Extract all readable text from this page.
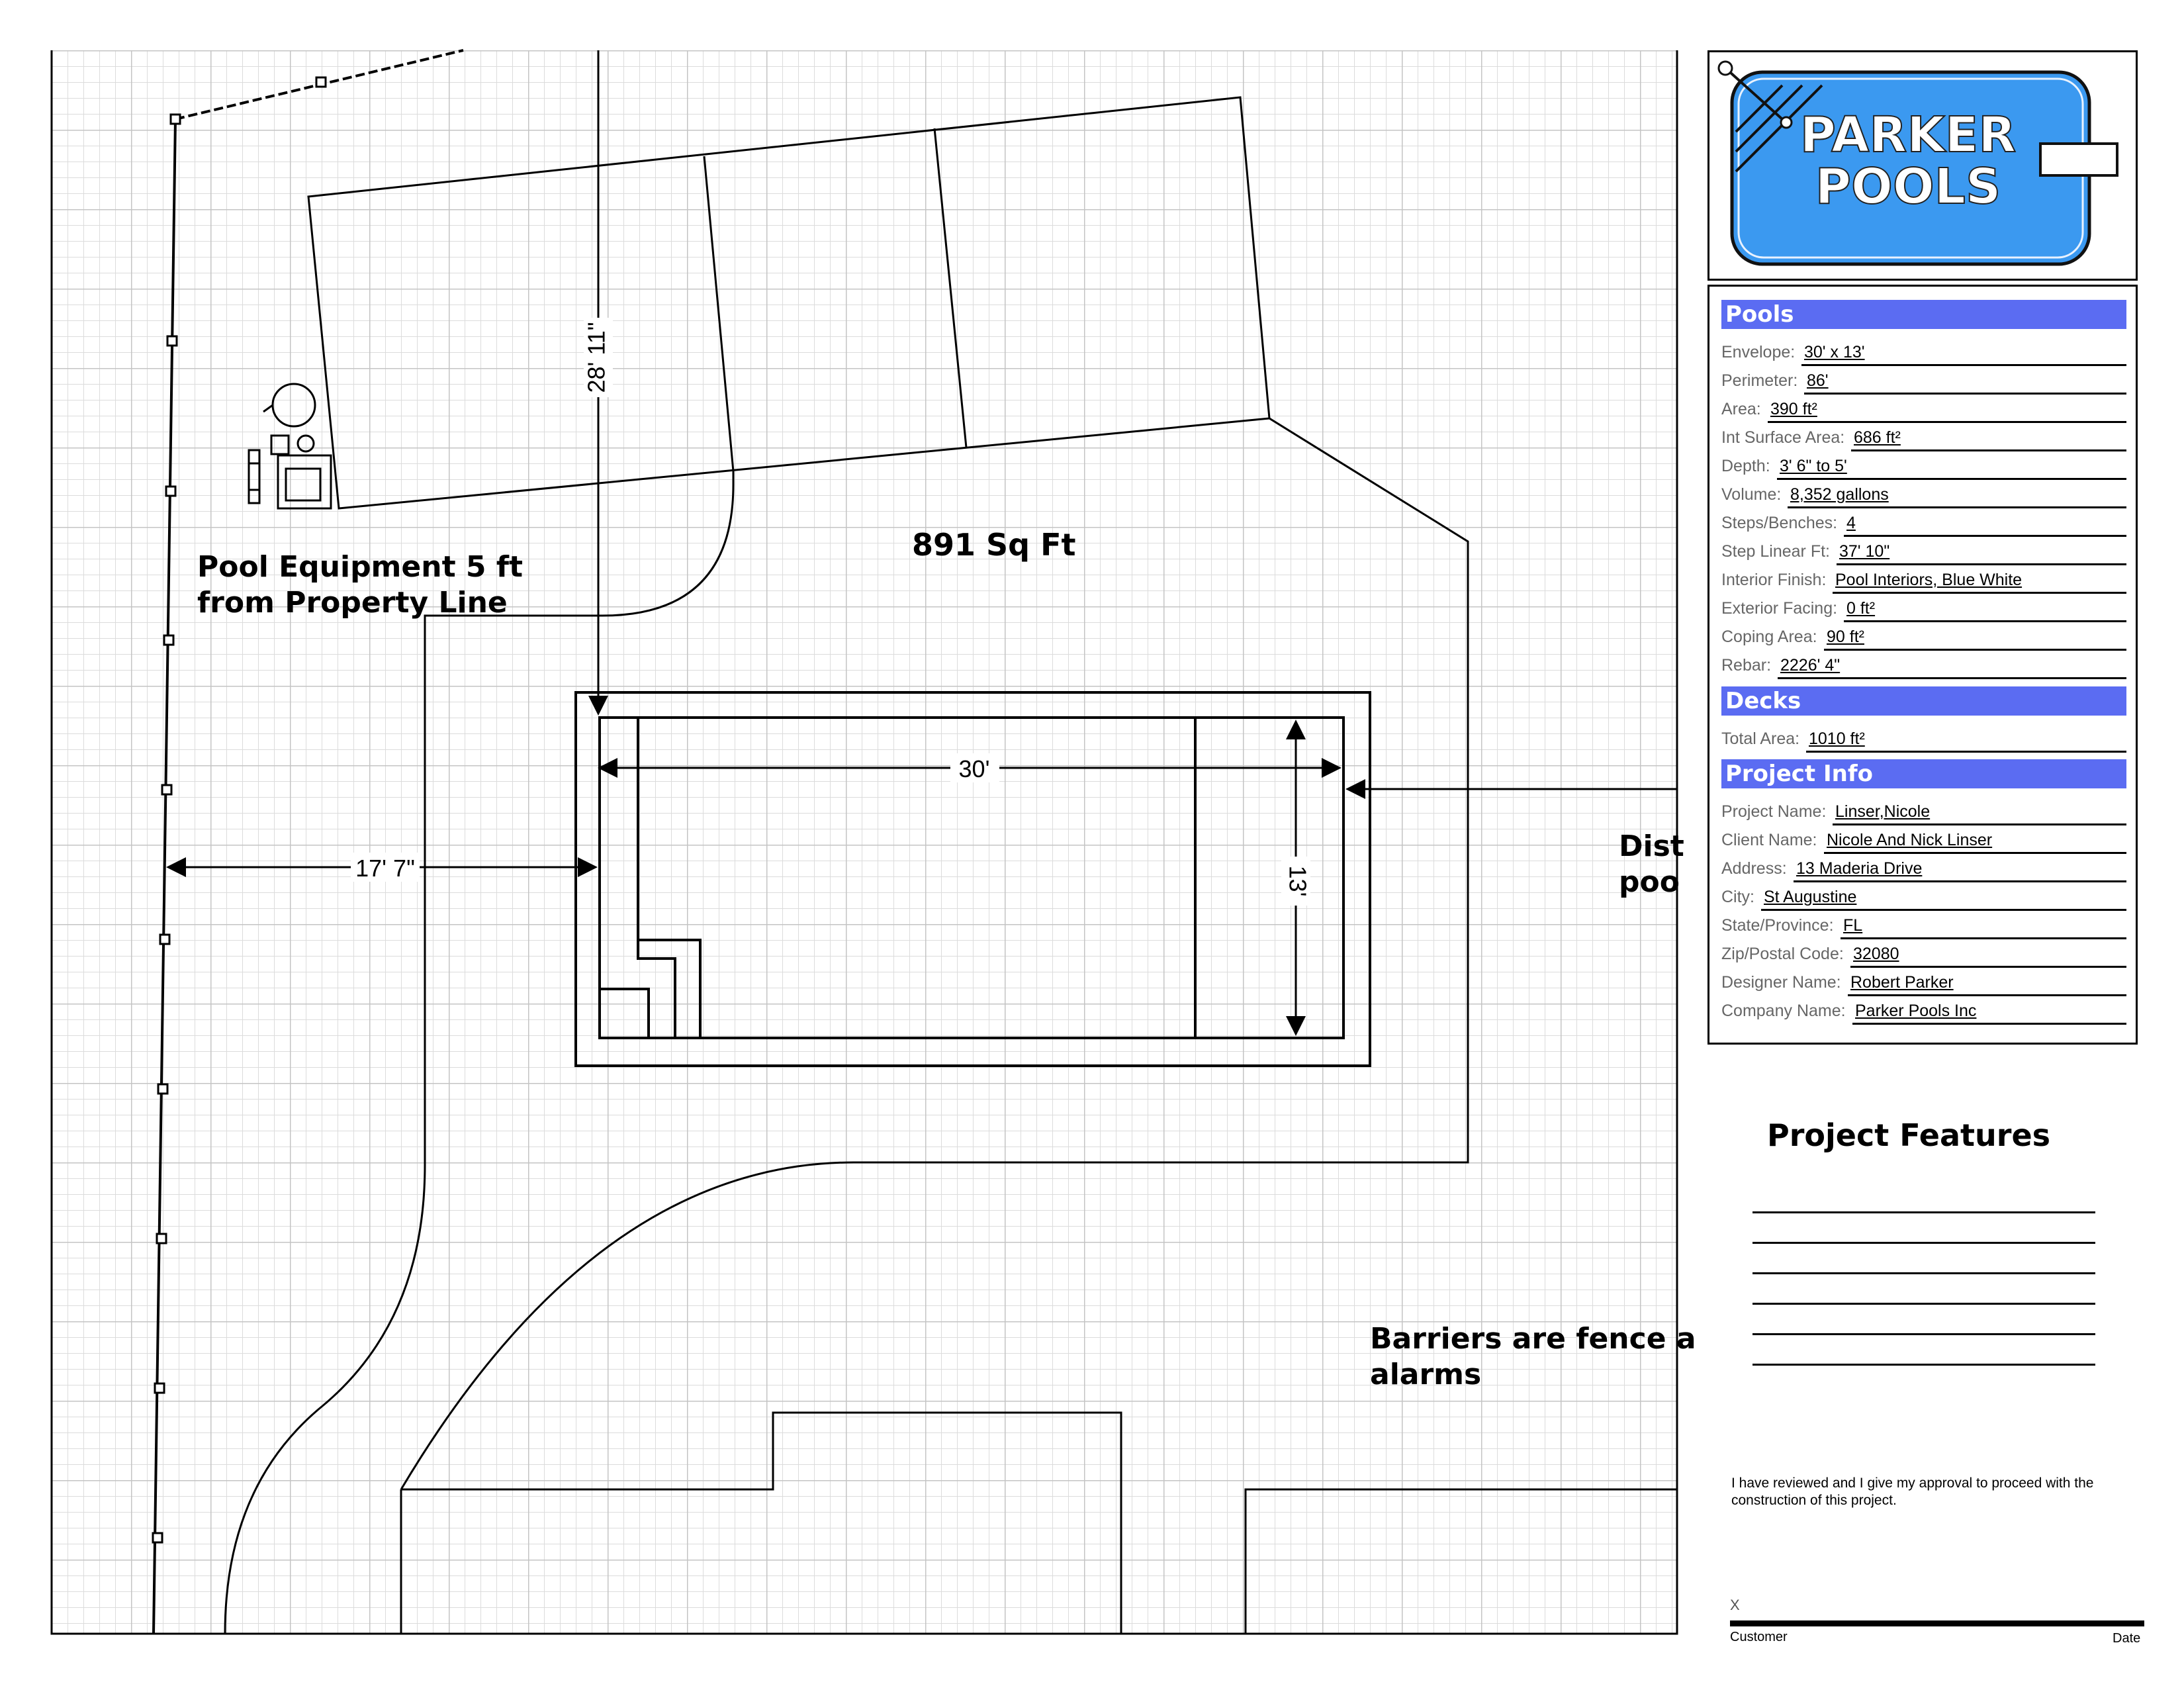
30'
13'
17' 7"
28' 11"
891 Sq Ft
Pool Equipment 5 ft
from Property Line
Dist
poo
Barriers are fence a
alarms
PARKER
POOLS
Pools
Envelope: 30' x 13'
Perimeter: 86'
Area: 390 ft²
Int Surface Area: 686 ft²
Depth: 3' 6" to 5'
Volume: 8,352 gallons
Steps/Benches: 4
Step Linear Ft: 37' 10"
Interior Finish: Pool Interiors, Blue White
Exterior Facing: 0 ft²
Coping Area: 90 ft²
Rebar: 2226' 4"
Decks
Total Area: 1010 ft²
Project Info
Project Name: Linser,Nicole
Client Name: Nicole And Nick Linser
Address: 13 Maderia Drive
City: St Augustine
State/Province: FL
Zip/Postal Code: 32080
Designer Name: Robert Parker
Company Name: Parker Pools Inc
Project Features
I have reviewed and I give my approval to proceed with the construction of this project.
X
Customer	Date
